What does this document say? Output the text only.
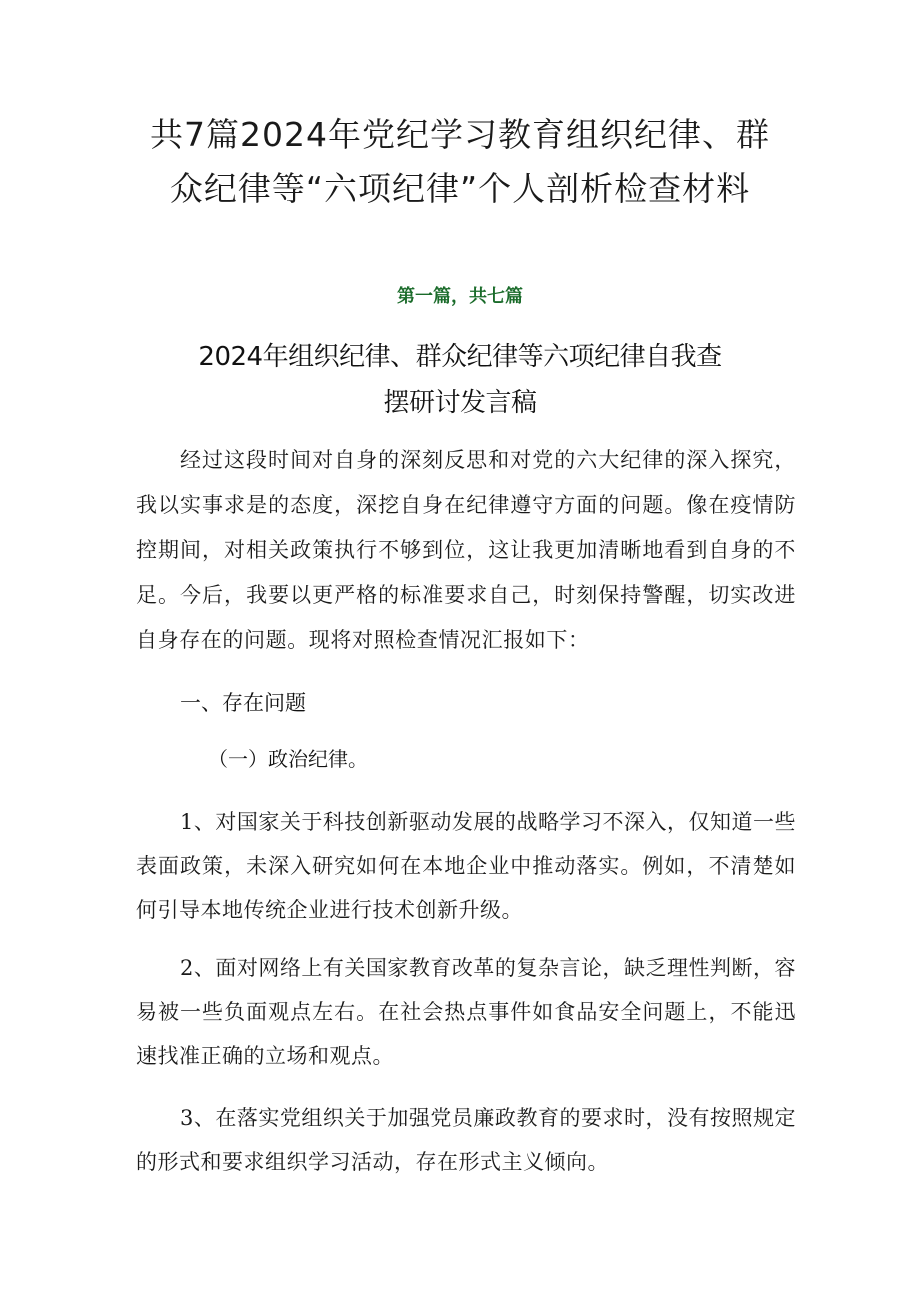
共7篇2024年党纪学习教育组织纪律、群
众纪律等“六项纪律”个人剖析检查材料
第一篇，共七篇
2024年组织纪律、群众纪律等六项纪律自我查
摆研讨发言稿

经过这段时间对自身的深刻反思和对党的六大纪律的深入探究，我以实事求是的态度，深挖自身在纪律遵守方面的问题。像在疫情防控期间，对相关政策执行不够到位，这让我更加清晰地看到自身的不足。今后，我要以更严格的标准要求自己，时刻保持警醒，切实改进自身存在的问题。现将对照检查情况汇报如下：

一、存在问题
（一）政治纪律。

1、对国家关于科技创新驱动发展的战略学习不深入，仅知道一些表面政策，未深入研究如何在本地企业中推动落实。例如，不清楚如何引导本地传统企业进行技术创新升级。

2、面对网络上有关国家教育改革的复杂言论，缺乏理性判断，容易被一些负面观点左右。在社会热点事件如食品安全问题上，不能迅速找准正确的立场和观点。

3、在落实党组织关于加强党员廉政教育的要求时，没有按照规定的形式和要求组织学习活动，存在形式主义倾向。
